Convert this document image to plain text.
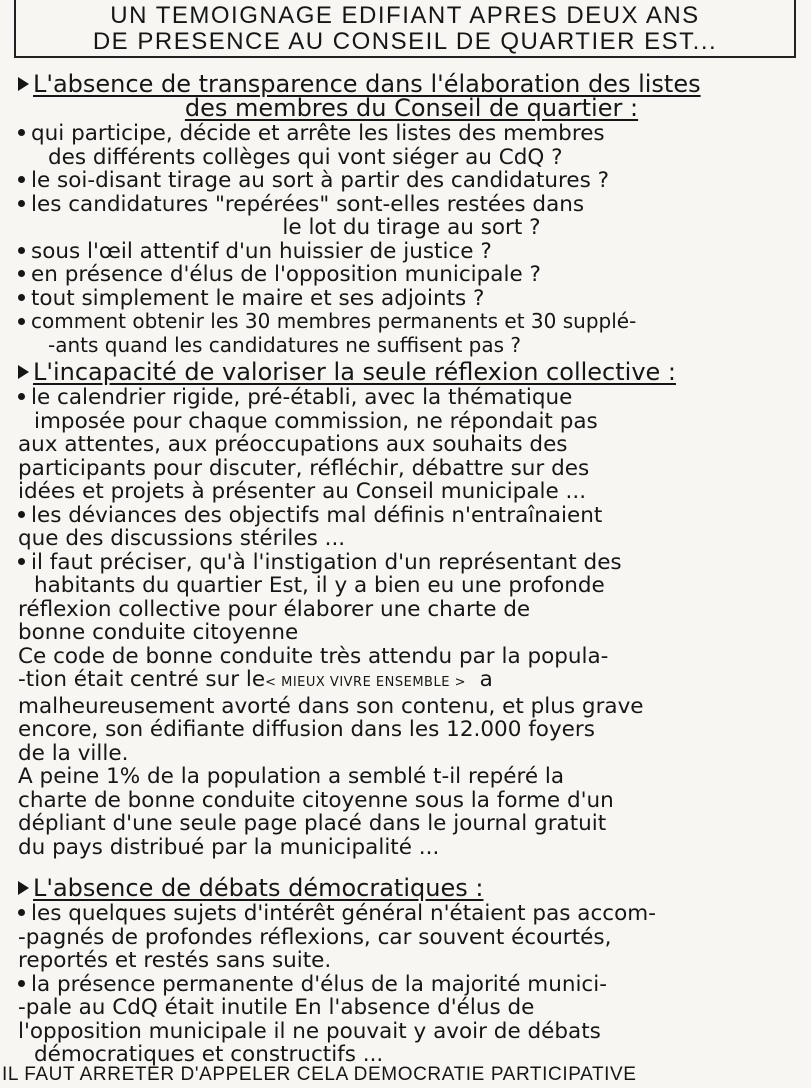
UN TEMOIGNAGE EDIFIANT APRES DEUX ANS
DE PRESENCE AU CONSEIL DE QUARTIER EST...
L'absence de transparence dans l'élaboration des listes
des membres du Conseil de quartier :
qui participe, décide et arrête les listes des membres
des différents collèges qui vont siéger au CdQ ?
le soi-disant tirage au sort à partir des candidatures ?
les candidatures "repérées" sont-elles restées dans
le lot du tirage au sort ?
sous l'œil attentif d'un huissier de justice ?
en présence d'élus de l'opposition municipale ?
tout simplement le maire et ses adjoints ?
comment obtenir les 30 membres permanents et 30 supplé-
-ants quand les candidatures ne suffisent pas ?
L'incapacité de valoriser la seule réflexion collective :
le calendrier rigide, pré-établi, avec la thématique
imposée pour chaque commission, ne répondait pas
aux attentes, aux préoccupations aux souhaits des
participants pour discuter, réfléchir, débattre sur des
idées et projets à présenter au Conseil municipale ...
les déviances des objectifs mal définis n'entraînaient
que des discussions stériles ...
il faut préciser, qu'à l'instigation d'un représentant des
habitants du quartier Est, il y a bien eu une profonde
réflexion collective pour élaborer une charte de
bonne conduite citoyenne
Ce code de bonne conduite très attendu par la popula-
-tion était centré sur le< MIEUX VIVRE ENSEMBLE > a
malheureusement avorté dans son contenu, et plus grave
encore, son édifiante diffusion dans les 12.000 foyers
de la ville.
A peine 1% de la population a semblé t-il repéré la
charte de bonne conduite citoyenne sous la forme d'un
dépliant d'une seule page placé dans le journal gratuit
du pays distribué par la municipalité ...
L'absence de débats démocratiques :
les quelques sujets d'intérêt général n'étaient pas accom-
-pagnés de profondes réflexions, car souvent écourtés,
reportés et restés sans suite.
la présence permanente d'élus de la majorité munici-
-pale au CdQ était inutile En l'absence d'élus de
l'opposition municipale il ne pouvait y avoir de débats
démocratiques et constructifs ...
IL FAUT ARRETER D'APPELER CELA DEMOCRATIE PARTICIPATIVE
